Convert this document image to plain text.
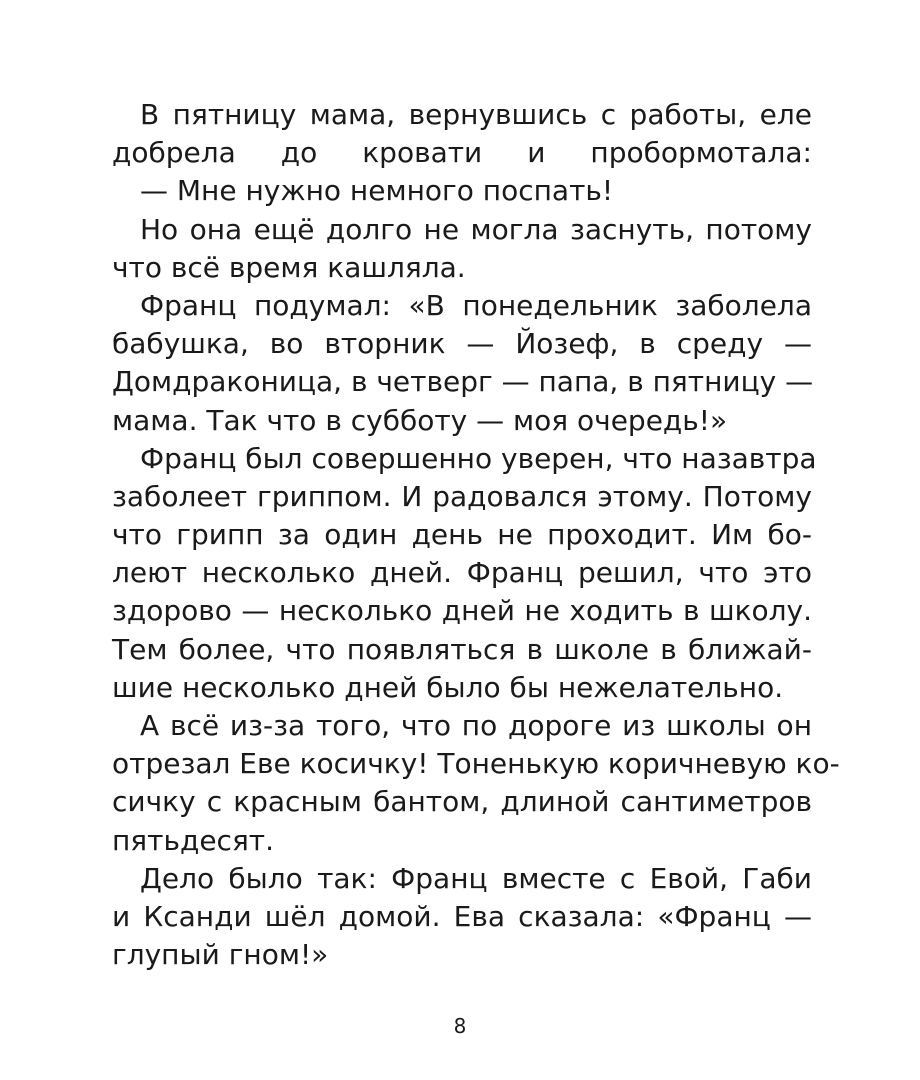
В пятницу мама, вернувшись с работы, еле
добрела до кровати и пробормотала:
— Мне нужно немного поспать!
Но она ещё долго не могла заснуть, потому
что всё время кашляла.
Франц подумал: «В понедельник заболела
бабушка, во вторник — Йозеф, в среду —
Домдраконица, в четверг — папа, в пятницу —
мама. Так что в субботу — моя очередь!»
Франц был совершенно уверен, что назавтра
заболеет гриппом. И радовался этому. Потому
что грипп за один день не проходит. Им бо-
леют несколько дней. Франц решил, что это
здорово — несколько дней не ходить в школу.
Тем более, что появляться в школе в ближай-
шие несколько дней было бы нежелательно.
А всё из-за того, что по дороге из школы он
отрезал Еве косичку! Тоненькую коричневую ко-
сичку с красным бантом, длиной сантиметров
пятьдесят.
Дело было так: Франц вместе с Евой, Габи
и Ксанди шёл домой. Ева сказала: «Франц —
глупый гном!»
8
